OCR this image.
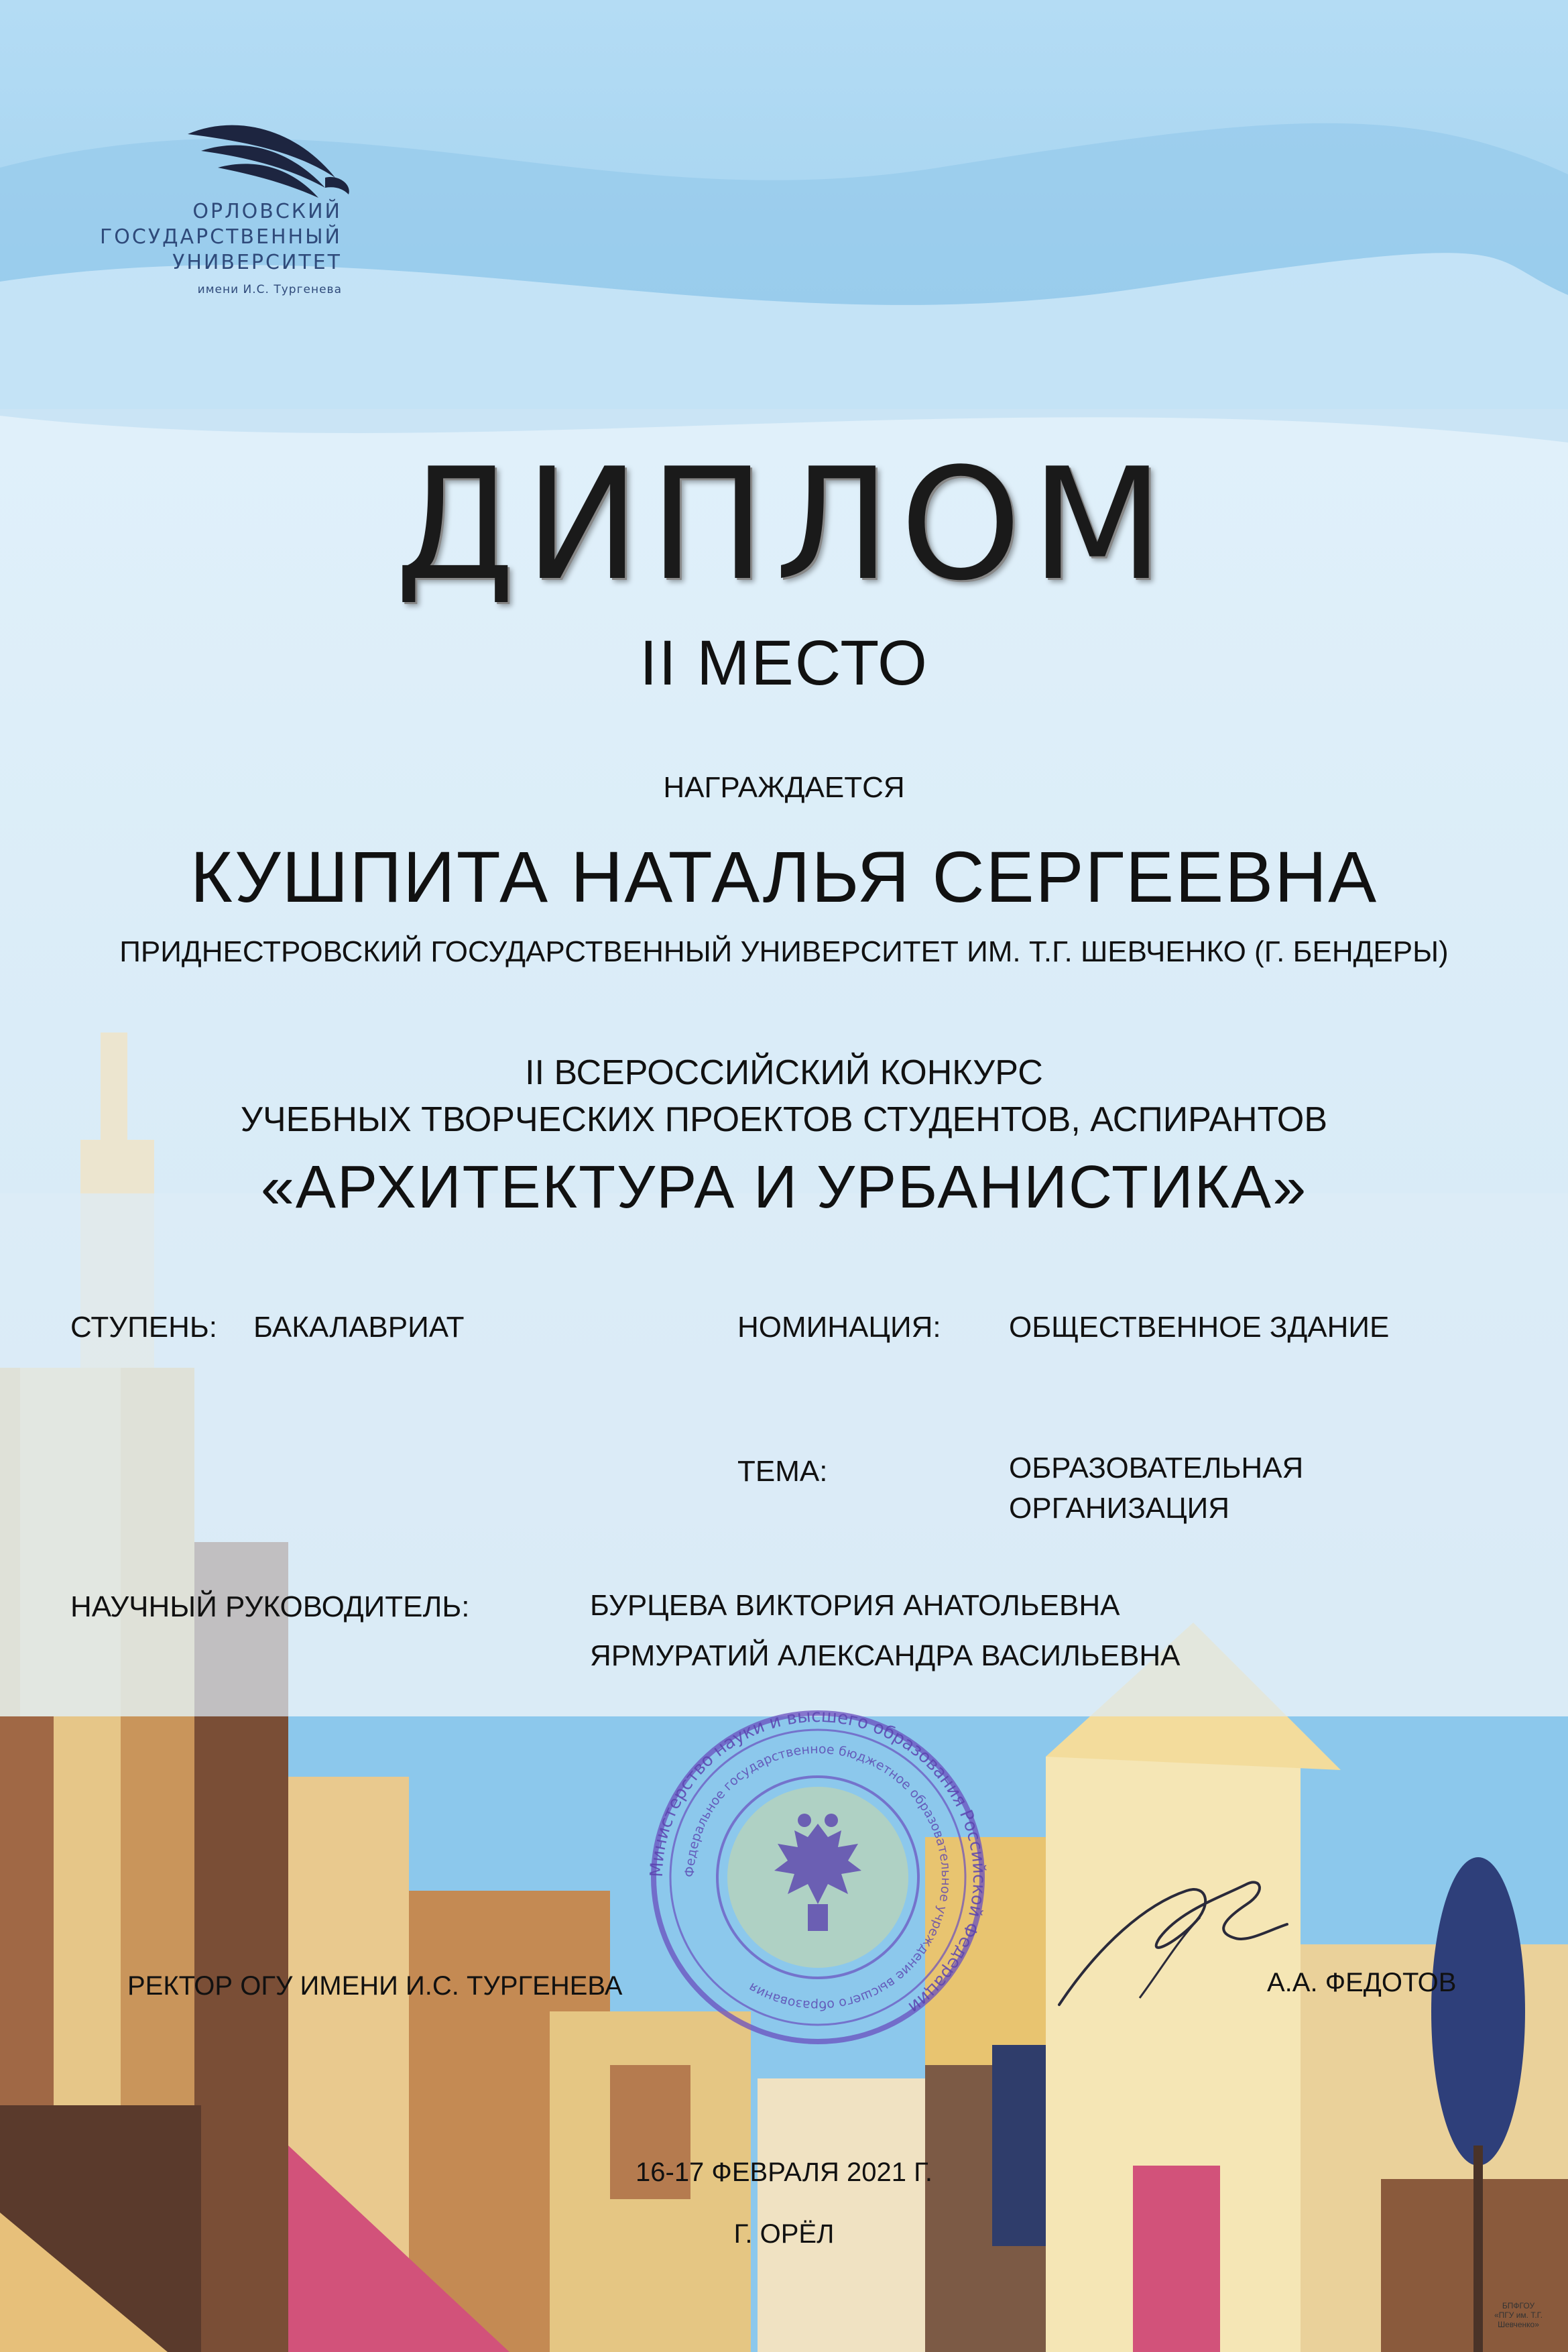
ОРЛОВСКИЙ
ГОСУДАРСТВЕННЫЙ
УНИВЕРСИТЕТ
имени И.С. Тургенева
ДИПЛОМ
II МЕСТО
НАГРАЖДАЕТСЯ
КУШПИТА НАТАЛЬЯ СЕРГЕЕВНА
ПРИДНЕСТРОВСКИЙ ГОСУДАРСТВЕННЫЙ УНИВЕРСИТЕТ ИМ. Т.Г. ШЕВЧЕНКО (Г. БЕНДЕРЫ)
II ВСЕРОССИЙСКИЙ КОНКУРС
УЧЕБНЫХ ТВОРЧЕСКИХ ПРОЕКТОВ СТУДЕНТОВ, АСПИРАНТОВ
«АРХИТЕКТУРА И УРБАНИСТИКА»
СТУПЕНЬ: БАКАЛАВРИАТ	НОМИНАЦИЯ: ОБЩЕСТВЕННОЕ ЗДАНИЕ
ТЕМА:	ОБРАЗОВАТЕЛЬНАЯ
ОРГАНИЗАЦИЯ
НАУЧНЫЙ РУКОВОДИТЕЛЬ:	БУРЦЕВА ВИКТОРИЯ АНАТОЛЬЕВНА
ЯРМУРАТИЙ АЛЕКСАНДРА ВАСИЛЬЕВНА
РЕКТОР ОГУ ИМЕНИ И.С. ТУРГЕНЕВА	А.А. ФЕДОТОВ
Министерство науки и высшего образования Российской Федерации
Федеральное государственное бюджетное образовательное учреждение высшего образования
16-17 ФЕВРАЛЯ 2021 Г.
Г. ОРЁЛ
БПФГОУ
«ПГУ им. Т.Г. Шевченко»
